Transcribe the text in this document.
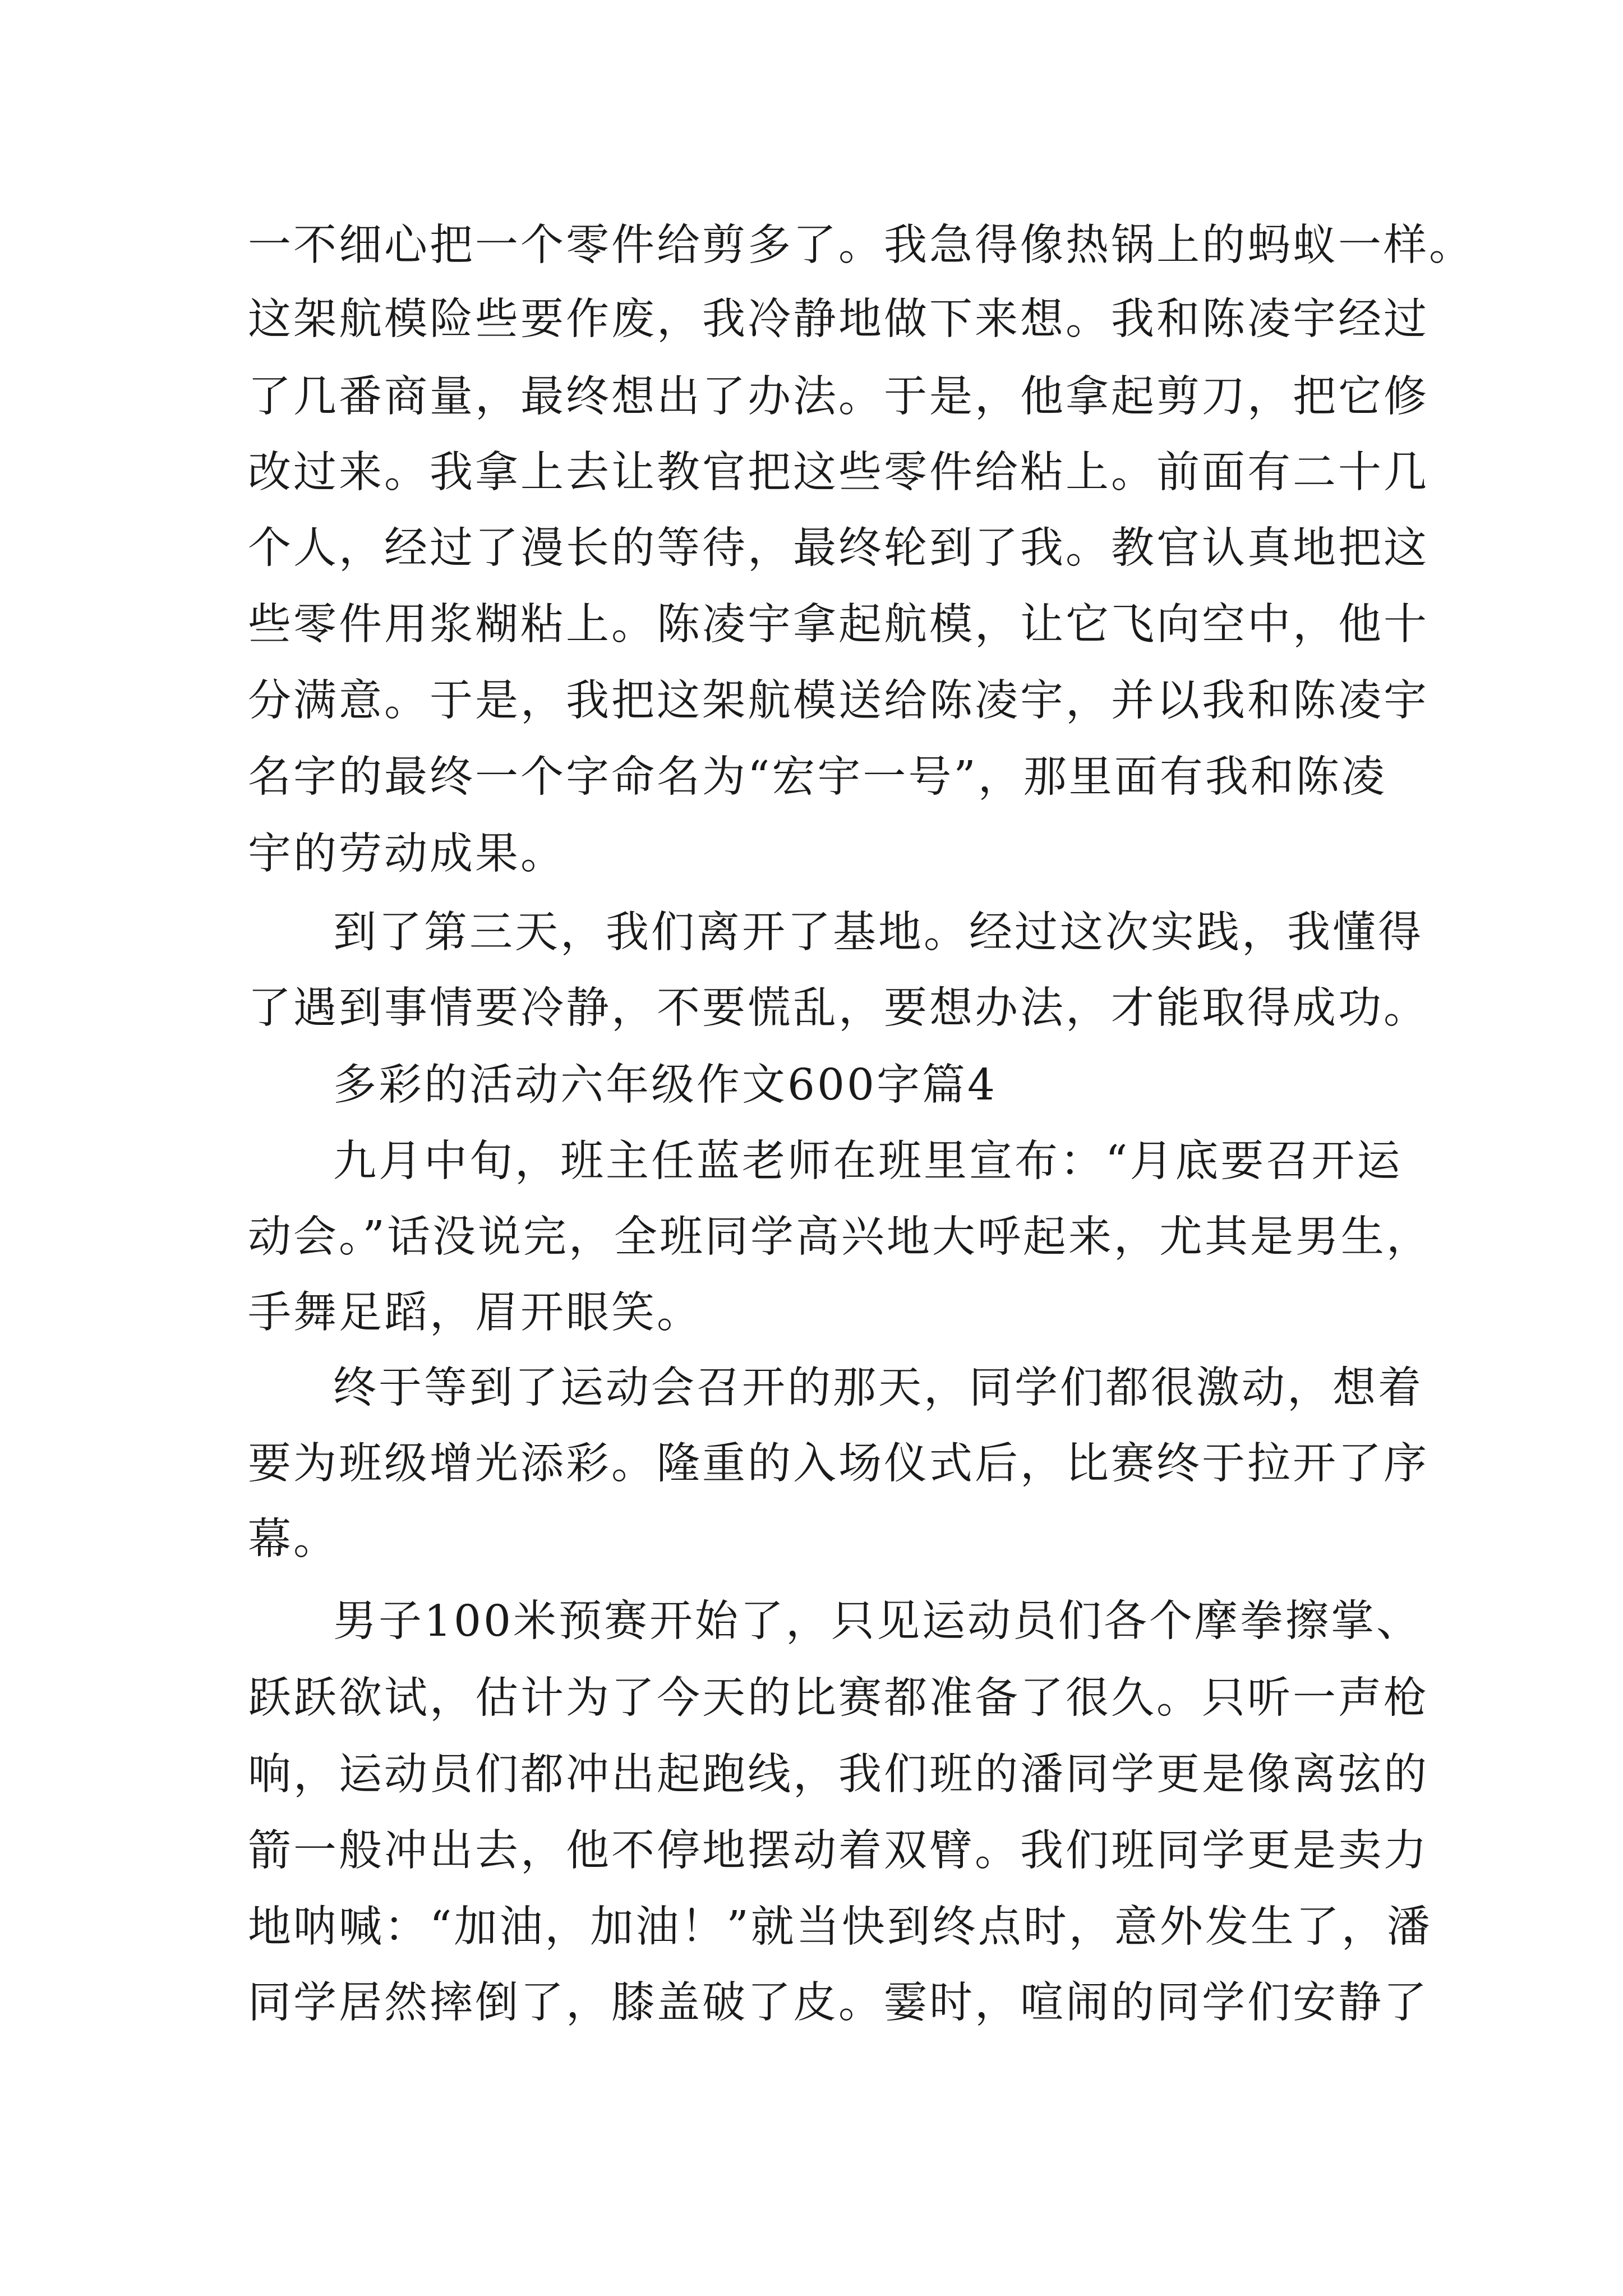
一不细心把一个零件给剪多了。我急得像热锅上的蚂蚁一样。
这架航模险些要作废，我冷静地做下来想。我和陈凌宇经过
了几番商量，最终想出了办法。于是，他拿起剪刀，把它修
改过来。我拿上去让教官把这些零件给粘上。前面有二十几
个人，经过了漫长的等待，最终轮到了我。教官认真地把这
些零件用浆糊粘上。陈凌宇拿起航模，让它飞向空中，他十
分满意。于是，我把这架航模送给陈凌宇，并以我和陈凌宇
名字的最终一个字命名为“宏宇一号”，那里面有我和陈凌
宇的劳动成果。
到了第三天，我们离开了基地。经过这次实践，我懂得
了遇到事情要冷静，不要慌乱，要想办法，才能取得成功。
多彩的活动六年级作文600字篇4
九月中旬，班主任蓝老师在班里宣布：“月底要召开运
动会。”话没说完，全班同学高兴地大呼起来，尤其是男生，
手舞足蹈，眉开眼笑。
终于等到了运动会召开的那天，同学们都很激动，想着
要为班级增光添彩。隆重的入场仪式后，比赛终于拉开了序
幕。
男子100米预赛开始了，只见运动员们各个摩拳擦掌、
跃跃欲试，估计为了今天的比赛都准备了很久。只听一声枪
响，运动员们都冲出起跑线，我们班的潘同学更是像离弦的
箭一般冲出去，他不停地摆动着双臂。我们班同学更是卖力
地呐喊：“加油，加油！”就当快到终点时，意外发生了，潘
同学居然摔倒了，膝盖破了皮。霎时，喧闹的同学们安静了
